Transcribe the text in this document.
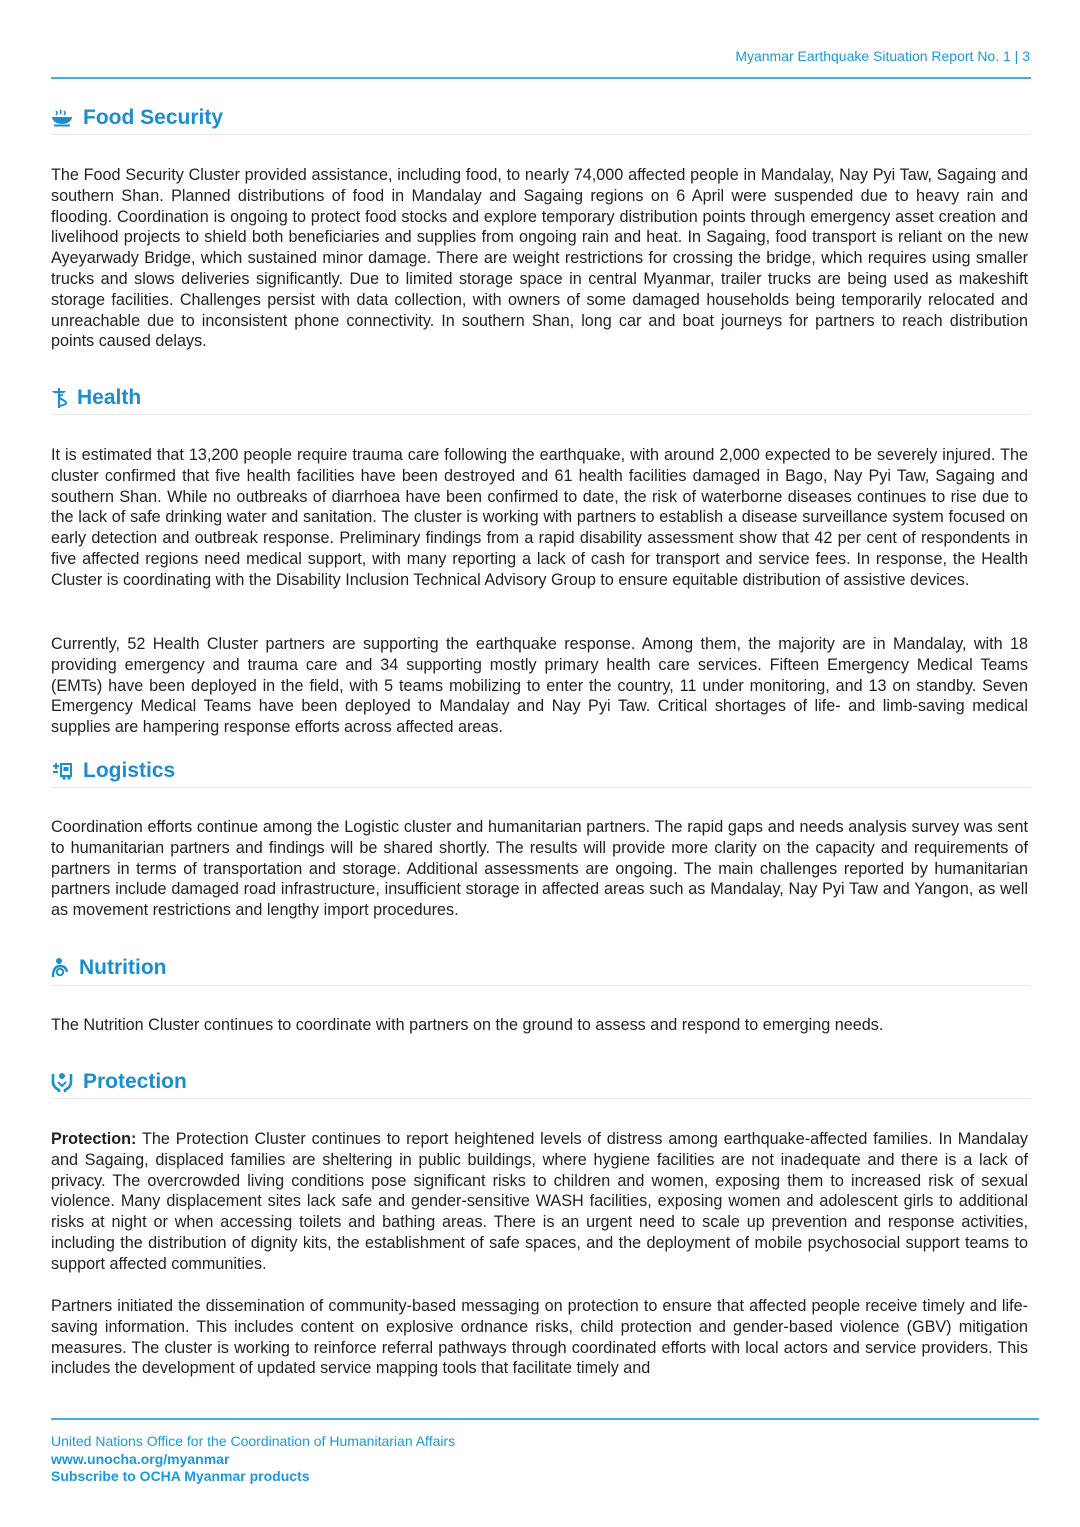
Myanmar Earthquake Situation Report No. 1 | 3
Food Security

The Food Security Cluster provided assistance, including food, to nearly 74,000 affected people in Mandalay, Nay Pyi Taw, Sagaing and southern Shan. Planned distributions of food in Mandalay and Sagaing regions on 6 April were suspended due to heavy rain and flooding. Coordination is ongoing to protect food stocks and explore temporary distribution points through emergency asset creation and livelihood projects to shield both beneficiaries and supplies from ongoing rain and heat. In Sagaing, food transport is reliant on the new Ayeyarwady Bridge, which sustained minor damage. There are weight restrictions for crossing the bridge, which requires using smaller trucks and slows deliveries significantly. Due to limited storage space in central Myanmar, trailer trucks are being used as makeshift storage facilities. Challenges persist with data collection, with owners of some damaged households being temporarily relocated and unreachable due to inconsistent phone connectivity. In southern Shan, long car and boat journeys for partners to reach distribution points caused delays.

Health

It is estimated that 13,200 people require trauma care following the earthquake, with around 2,000 expected to be severely injured. The cluster confirmed that five health facilities have been destroyed and 61 health facilities damaged in Bago, Nay Pyi Taw, Sagaing and southern Shan. While no outbreaks of diarrhoea have been confirmed to date, the risk of waterborne diseases continues to rise due to the lack of safe drinking water and sanitation. The cluster is working with partners to establish a disease surveillance system focused on early detection and outbreak response. Preliminary findings from a rapid disability assessment show that 42 per cent of respondents in five affected regions need medical support, with many reporting a lack of cash for transport and service fees. In response, the Health Cluster is coordinating with the Disability Inclusion Technical Advisory Group to ensure equitable distribution of assistive devices.

Currently, 52 Health Cluster partners are supporting the earthquake response. Among them, the majority are in Mandalay, with 18 providing emergency and trauma care and 34 supporting mostly primary health care services. Fifteen Emergency Medical Teams (EMTs) have been deployed in the field, with 5 teams mobilizing to enter the country, 11 under monitoring, and 13 on standby. Seven Emergency Medical Teams have been deployed to Mandalay and Nay Pyi Taw. Critical shortages of life- and limb-saving medical supplies are hampering response efforts across affected areas.

Logistics

Coordination efforts continue among the Logistic cluster and humanitarian partners. The rapid gaps and needs analysis survey was sent to humanitarian partners and findings will be shared shortly. The results will provide more clarity on the capacity and requirements of partners in terms of transportation and storage. Additional assessments are ongoing. The main challenges reported by humanitarian partners include damaged road infrastructure, insufficient storage in affected areas such as Mandalay, Nay Pyi Taw and Yangon, as well as movement restrictions and lengthy import procedures.

Nutrition

The Nutrition Cluster continues to coordinate with partners on the ground to assess and respond to emerging needs.

Protection

Protection: The Protection Cluster continues to report heightened levels of distress among earthquake-affected families. In Mandalay and Sagaing, displaced families are sheltering in public buildings, where hygiene facilities are not inadequate and there is a lack of privacy. The overcrowded living conditions pose significant risks to children and women, exposing them to increased risk of sexual violence. Many displacement sites lack safe and gender-sensitive WASH facilities, exposing women and adolescent girls to additional risks at night or when accessing toilets and bathing areas. There is an urgent need to scale up prevention and response activities, including the distribution of dignity kits, the establishment of safe spaces, and the deployment of mobile psychosocial support teams to support affected communities.

Partners initiated the dissemination of community-based messaging on protection to ensure that affected people receive timely and life-saving information. This includes content on explosive ordnance risks, child protection and gender-based violence (GBV) mitigation measures. The cluster is working to reinforce referral pathways through coordinated efforts with local actors and service providers. This includes the development of updated service mapping tools that facilitate timely and

United Nations Office for the Coordination of Humanitarian Affairs
www.unocha.org/myanmar
Subscribe to OCHA Myanmar products
